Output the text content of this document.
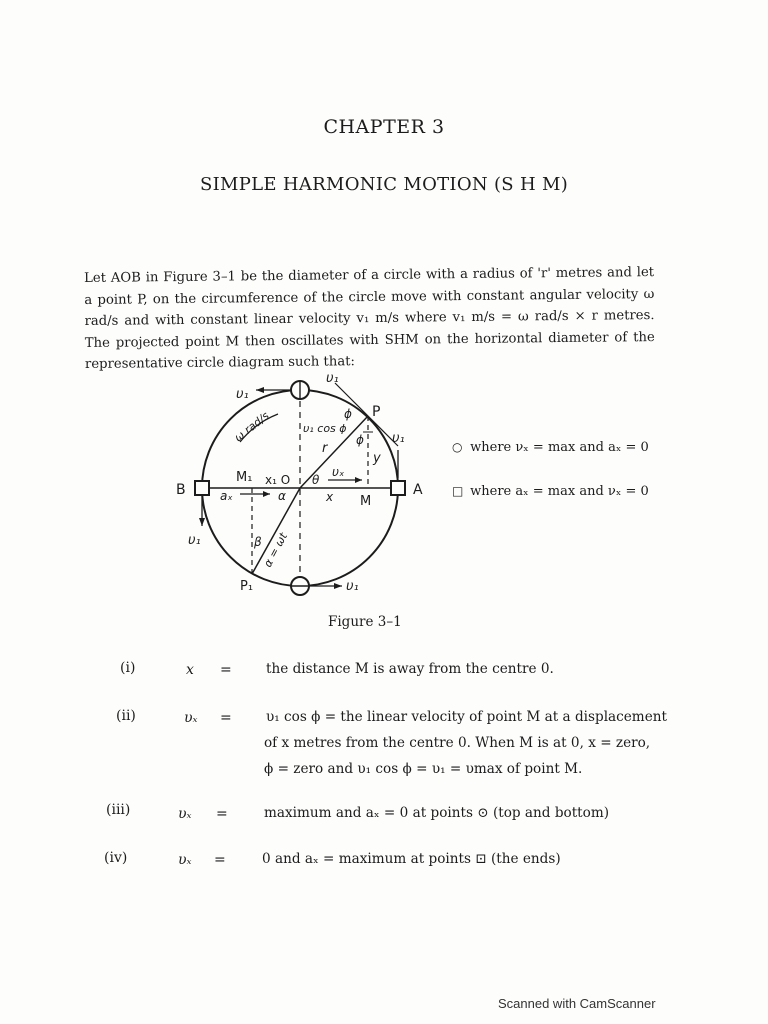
CHAPTER 3
SIMPLE HARMONIC MOTION (S H M)
Let AOB in Figure 3–1 be the diameter of a circle with a radius of 'r' metres and let a point P, on the circumference of the circle move with constant angular velocity ω rad/s and with constant linear velocity v₁ m/s where v₁ m/s = ω rad/s × r metres. The projected point M then oscillates with SHM on the horizontal diameter of the representative circle diagram such that:
υ₁
υ₁
ω rad/s	υ₁ cos ϕ
ϕ P
ϕ υ₁
r
y
M₁ x₁ O θ
υₓ
B	aₓ	α	x M
A
υ₁	β α = ωt
P₁	υ₁
○ where νₓ = max and aₓ = 0
□ where aₓ = max and νₓ = 0
Figure 3–1
(i)	x =	the distance M is away from the centre 0.
(ii)	υₓ =	υ₁ cos ϕ = the linear velocity of point M at a displacement
of x metres from the centre 0. When M is at 0, x = zero,
ϕ = zero and υ₁ cos ϕ = υ₁ = υmax of point M.
(iii)	υₓ =	maximum and aₓ = 0 at points ⊙ (top and bottom)
(iv)	υₓ =	0 and aₓ = maximum at points ⊡ (the ends)
Scanned with CamScanner
